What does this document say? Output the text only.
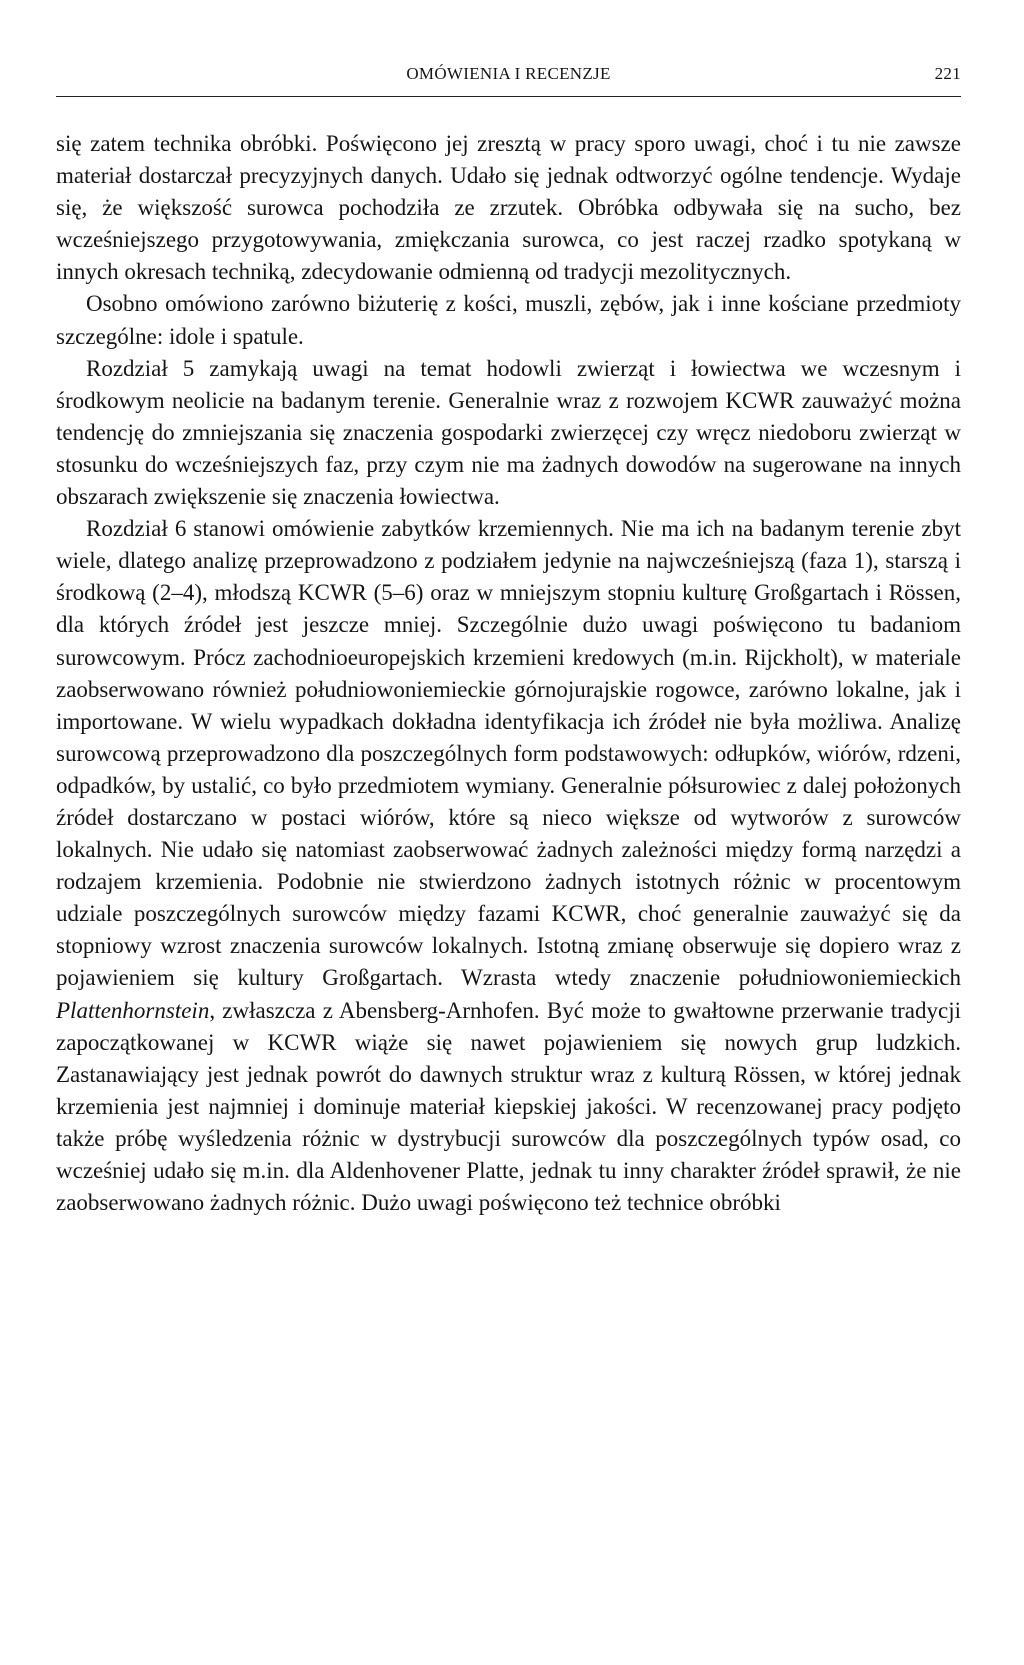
OMÓWIENIA I RECENZJE	221

się zatem technika obróbki. Poświęcono jej zresztą w pracy sporo uwagi, choć i tu nie zawsze materiał dostarczał precyzyjnych danych. Udało się jednak odtworzyć ogólne tendencje. Wydaje się, że większość surowca pochodziła ze zrzutek. Obróbka odbywała się na sucho, bez wcześniejszego przygotowywania, zmiękczania surowca, co jest raczej rzadko spotykaną w innych okresach techniką, zdecydowanie odmienną od tradycji mezolitycznych.

Osobno omówiono zarówno biżuterię z kości, muszli, zębów, jak i inne kościane przedmioty szczególne: idole i spatule.

Rozdział 5 zamykają uwagi na temat hodowli zwierząt i łowiectwa we wczesnym i środkowym neolicie na badanym terenie. Generalnie wraz z rozwojem KCWR zauważyć można tendencję do zmniejszania się znaczenia gospodarki zwierzęcej czy wręcz niedoboru zwierząt w stosunku do wcześniejszych faz, przy czym nie ma żadnych dowodów na sugerowane na innych obszarach zwiększenie się znaczenia łowiectwa.

Rozdział 6 stanowi omówienie zabytków krzemiennych. Nie ma ich na badanym terenie zbyt wiele, dlatego analizę przeprowadzono z podziałem jedynie na najwcześniejszą (faza 1), starszą i środkową (2–4), młodszą KCWR (5–6) oraz w mniejszym stopniu kulturę Großgartach i Rössen, dla których źródeł jest jeszcze mniej. Szczególnie dużo uwagi poświęcono tu badaniom surowcowym. Prócz zachodnioeuropejskich krzemieni kredowych (m.in. Rijckholt), w materiale zaobserwowano również południowoniemieckie górnojurajskie rogowce, zarówno lokalne, jak i importowane. W wielu wypadkach dokładna identyfikacja ich źródeł nie była możliwa. Analizę surowcową przeprowadzono dla poszczególnych form podstawowych: odłupków, wiórów, rdzeni, odpadków, by ustalić, co było przedmiotem wymiany. Generalnie półsurowiec z dalej położonych źródeł dostarczano w postaci wiórów, które są nieco większe od wytworów z surowców lokalnych. Nie udało się natomiast zaobserwować żadnych zależności między formą narzędzi a rodzajem krzemienia. Podobnie nie stwierdzono żadnych istotnych różnic w procentowym udziale poszczególnych surowców między fazami KCWR, choć generalnie zauważyć się da stopniowy wzrost znaczenia surowców lokalnych. Istotną zmianę obserwuje się dopiero wraz z pojawieniem się kultury Großgartach. Wzrasta wtedy znaczenie południowoniemieckich Plattenhornstein, zwłaszcza z Abensberg-Arnhofen. Być może to gwałtowne przerwanie tradycji zapoczątkowanej w KCWR wiąże się nawet pojawieniem się nowych grup ludzkich. Zastanawiający jest jednak powrót do dawnych struktur wraz z kulturą Rössen, w której jednak krzemienia jest najmniej i dominuje materiał kiepskiej jakości. W recenzowanej pracy podjęto także próbę wyśledzenia różnic w dystrybucji surowców dla poszczególnych typów osad, co wcześniej udało się m.in. dla Aldenhovener Platte, jednak tu inny charakter źródeł sprawił, że nie zaobserwowano żadnych różnic. Dużo uwagi poświęcono też technice obróbki
